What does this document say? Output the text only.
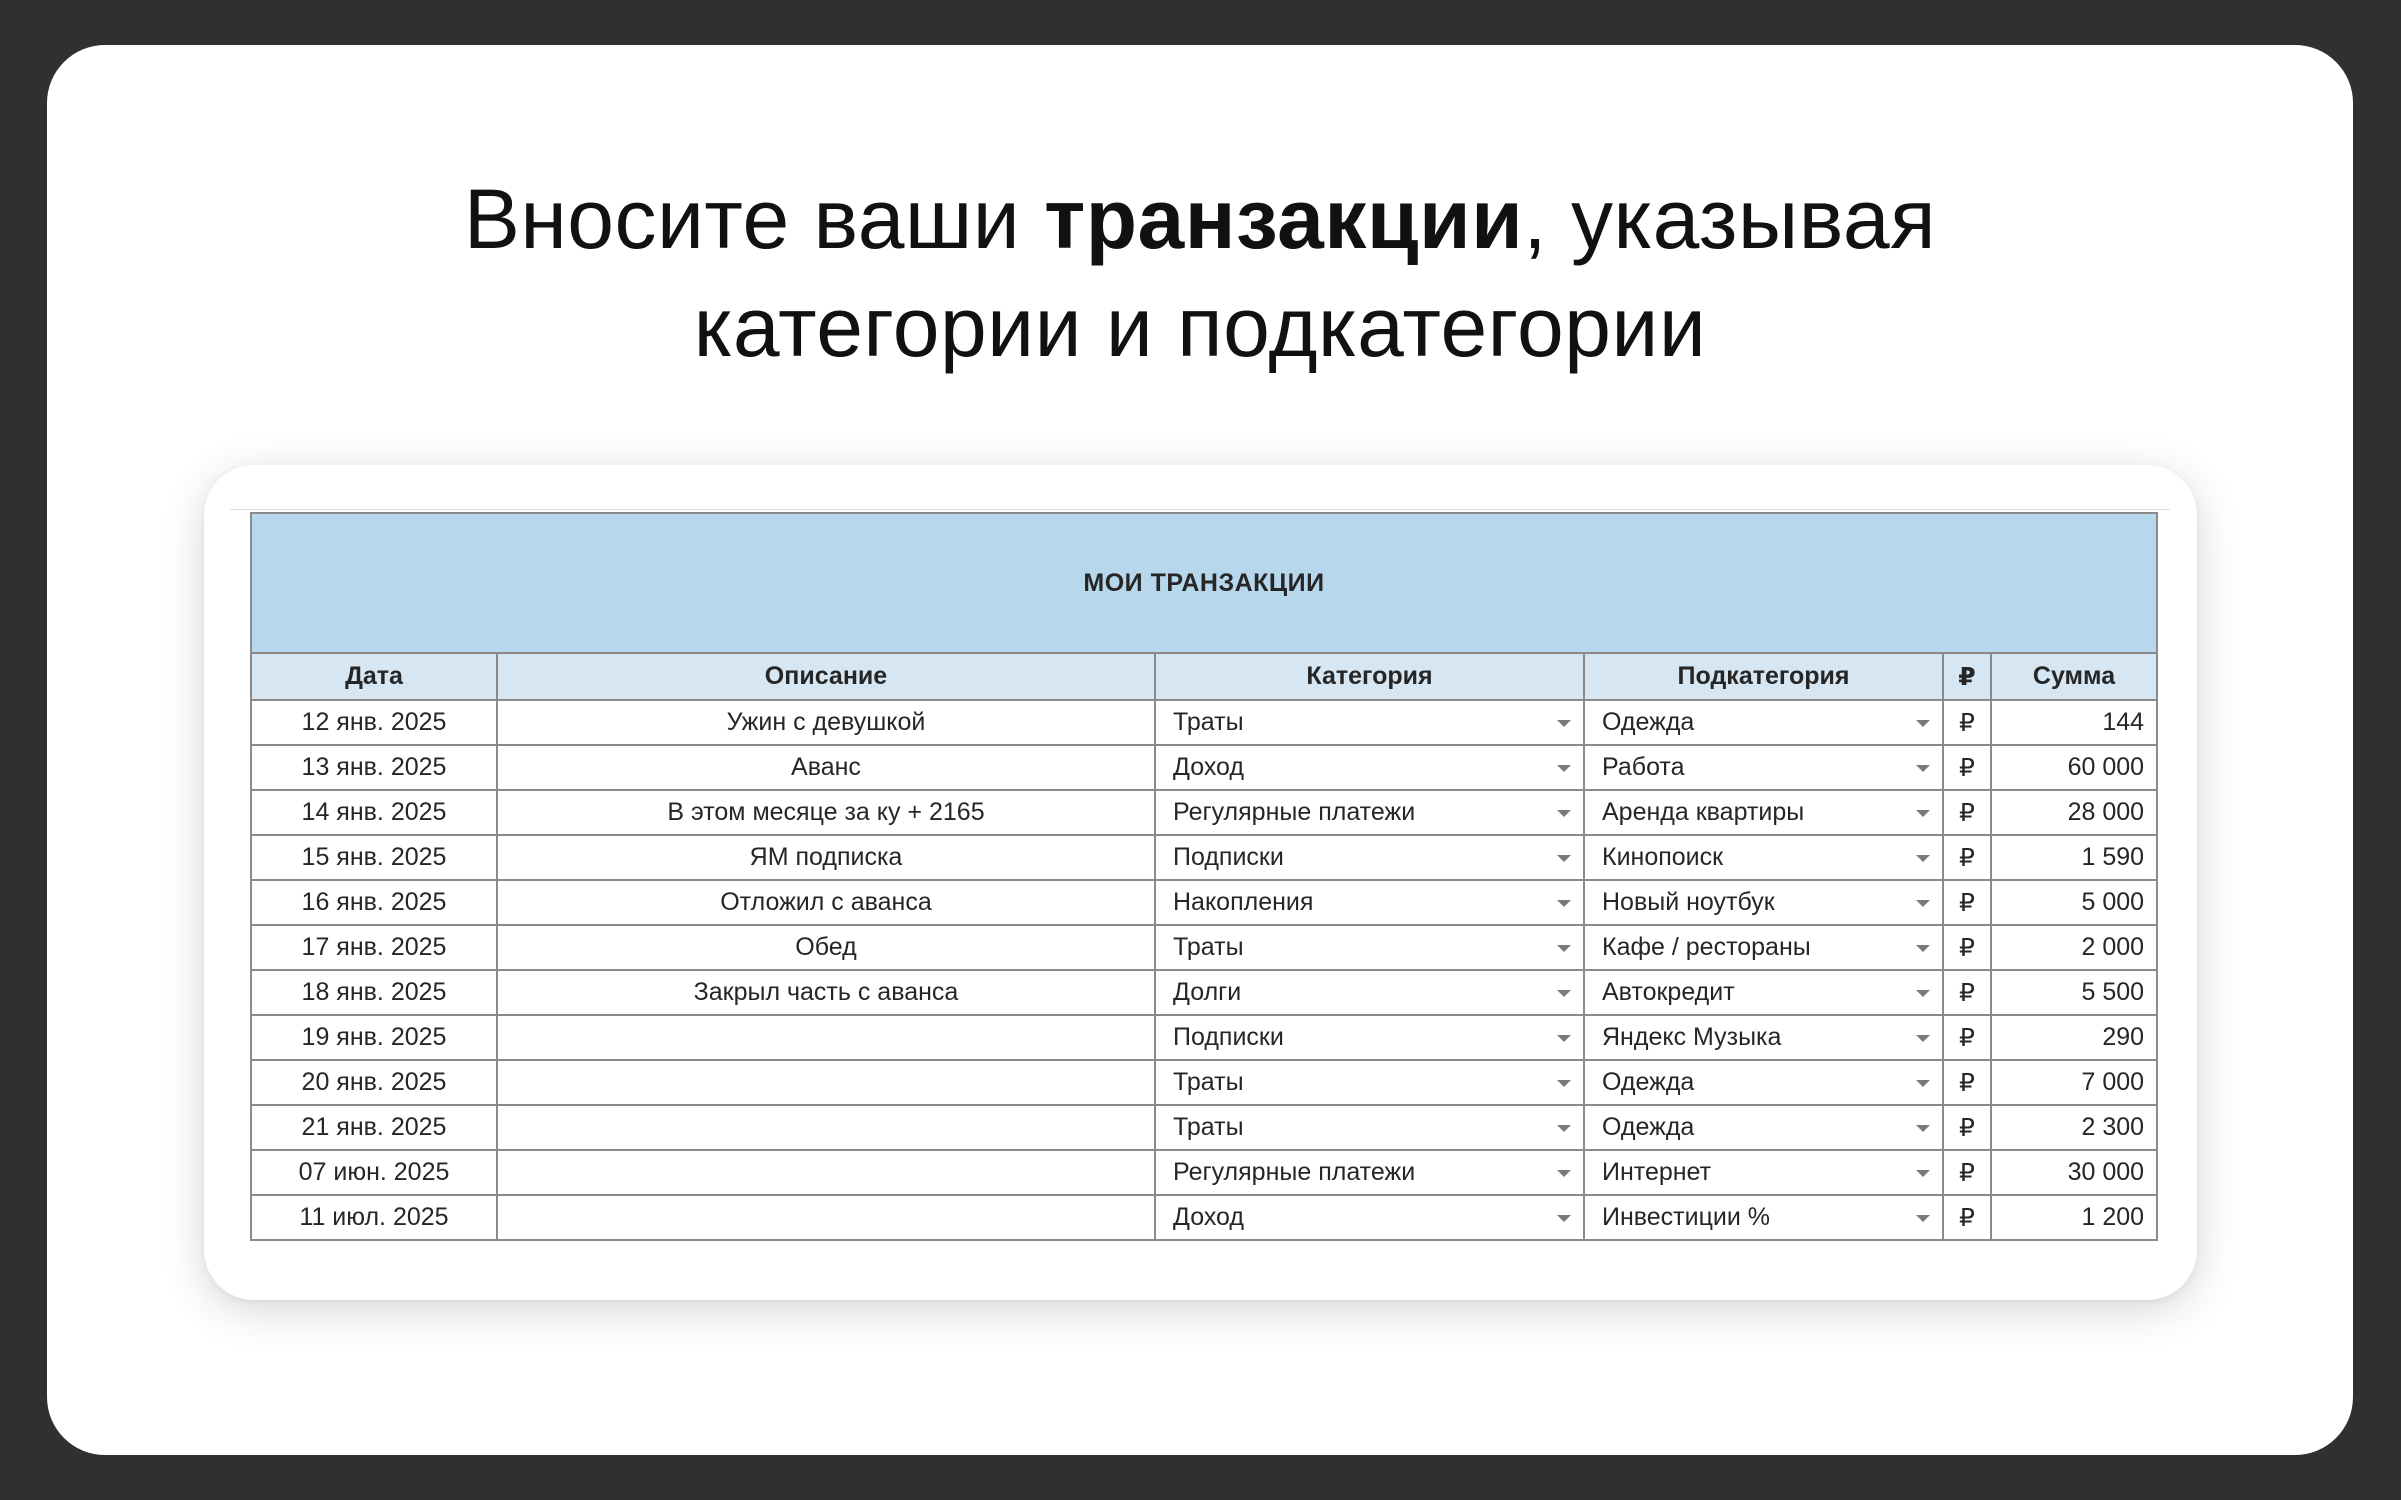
Вносите ваши транзакции, указывая
категории и подкатегории
МОИ ТРАНЗАКЦИИ					
Дата	Описание	Категория	Подкатегория	₽	Сумма
12 янв. 2025	Ужин с девушкой	Траты	Одежда	₽	144
13 янв. 2025	Аванс	Доход	Работа	₽	60 000
14 янв. 2025	В этом месяце за ку + 2165	Регулярные платежи	Аренда квартиры	₽	28 000
15 янв. 2025	ЯМ подписка	Подписки	Кинопоиск	₽	1 590
16 янв. 2025	Отложил с аванса	Накопления	Новый ноутбук	₽	5 000
17 янв. 2025	Обед	Траты	Кафе / рестораны	₽	2 000
18 янв. 2025	Закрыл часть с аванса	Долги	Автокредит	₽	5 500
19 янв. 2025		Подписки	Яндекс Музыка	₽	290
20 янв. 2025		Траты	Одежда	₽	7 000
21 янв. 2025		Траты	Одежда	₽	2 300
07 июн. 2025		Регулярные платежи	Интернет	₽	30 000
11 июл. 2025		Доход	Инвестиции %	₽	1 200
